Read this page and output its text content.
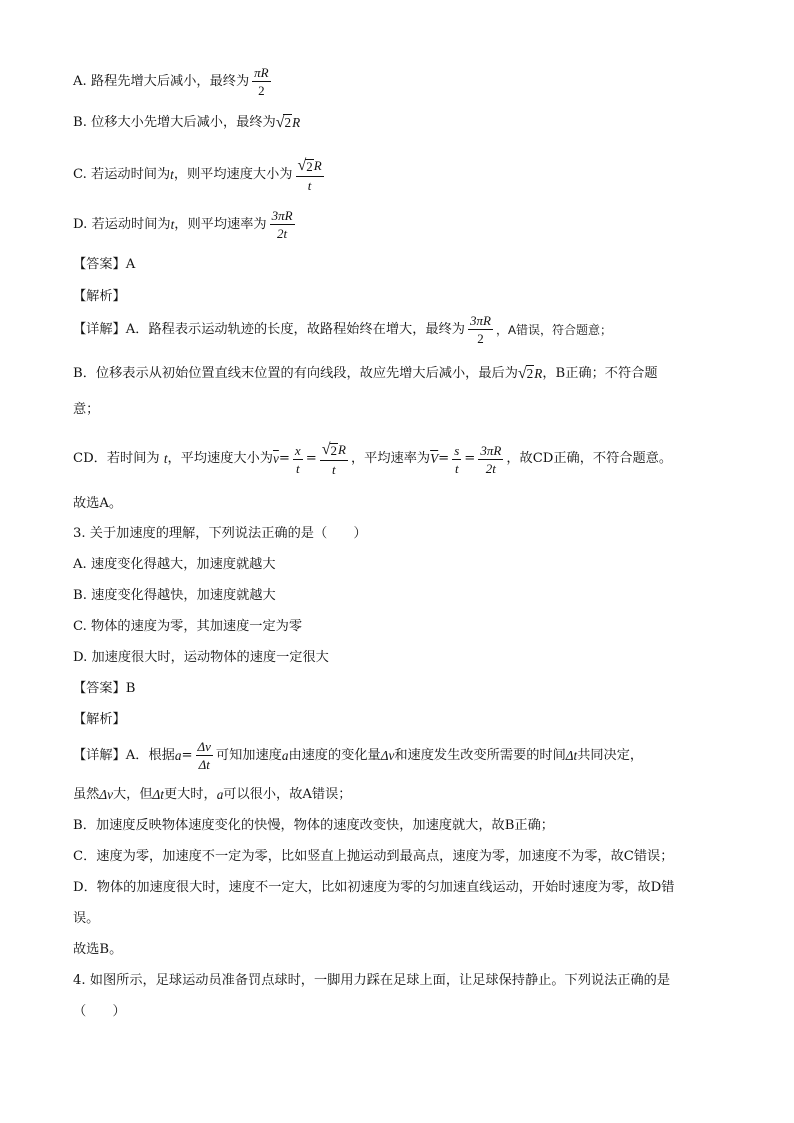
A. 路程先增大后减小，最终为 $\frac{\pi R}{2}$
B. 位移大小先增大后减小，最终为√2R
C. 若运动时间为t，则平均速度大小为 $\frac{√ 2 R}{t}$
D. 若运动时间为t，则平均速率为 $\frac{3\pi R}{2t}$
【答案】A
【解析】
【详解】A．路程表示运动轨迹的长度，故路程始终在增大，最终为 $\frac{3\pi R}{2}$ ，A错误，符合题意；
B．位移表示从初始位置直线末位置的有向线段，故应先增大后减小，最后为√2R，B正确；不符合题
意；
CD．若时间为 t，平均速度大小为$\overline{v}= \frac{x}{t} = \frac{√ 2 R}{t}$ ，平均速率为$\overline{V}= \frac{s}{t} = \frac{3\pi R}{2t}$ ，故CD正确，不符合题意。
故选A。
3. 关于加速度的理解，下列说法正确的是（　　）
A. 速度变化得越大，加速度就越大
B. 速度变化得越快，加速度就越大
C. 物体的速度为零，其加速度一定为零
D. 加速度很大时，运动物体的速度一定很大
【答案】B
【解析】
【详解】A．根据$a= \frac{\Delta v}{\Delta t}$ 可知加速度a由速度的变化量Δv和速度发生改变所需要的时间Δt共同决定，
虽然Δv大，但Δt更大时，a可以很小，故A错误；
B．加速度反映物体速度变化的快慢，物体的速度改变快，加速度就大，故B正确；
C．速度为零，加速度不一定为零，比如竖直上抛运动到最高点，速度为零，加速度不为零，故C错误；
D．物体的加速度很大时，速度不一定大，比如初速度为零的匀加速直线运动，开始时速度为零，故D错
误。
故选B。
4. 如图所示，足球运动员准备罚点球时，一脚用力踩在足球上面，让足球保持静止。下列说法正确的是
（　　）
